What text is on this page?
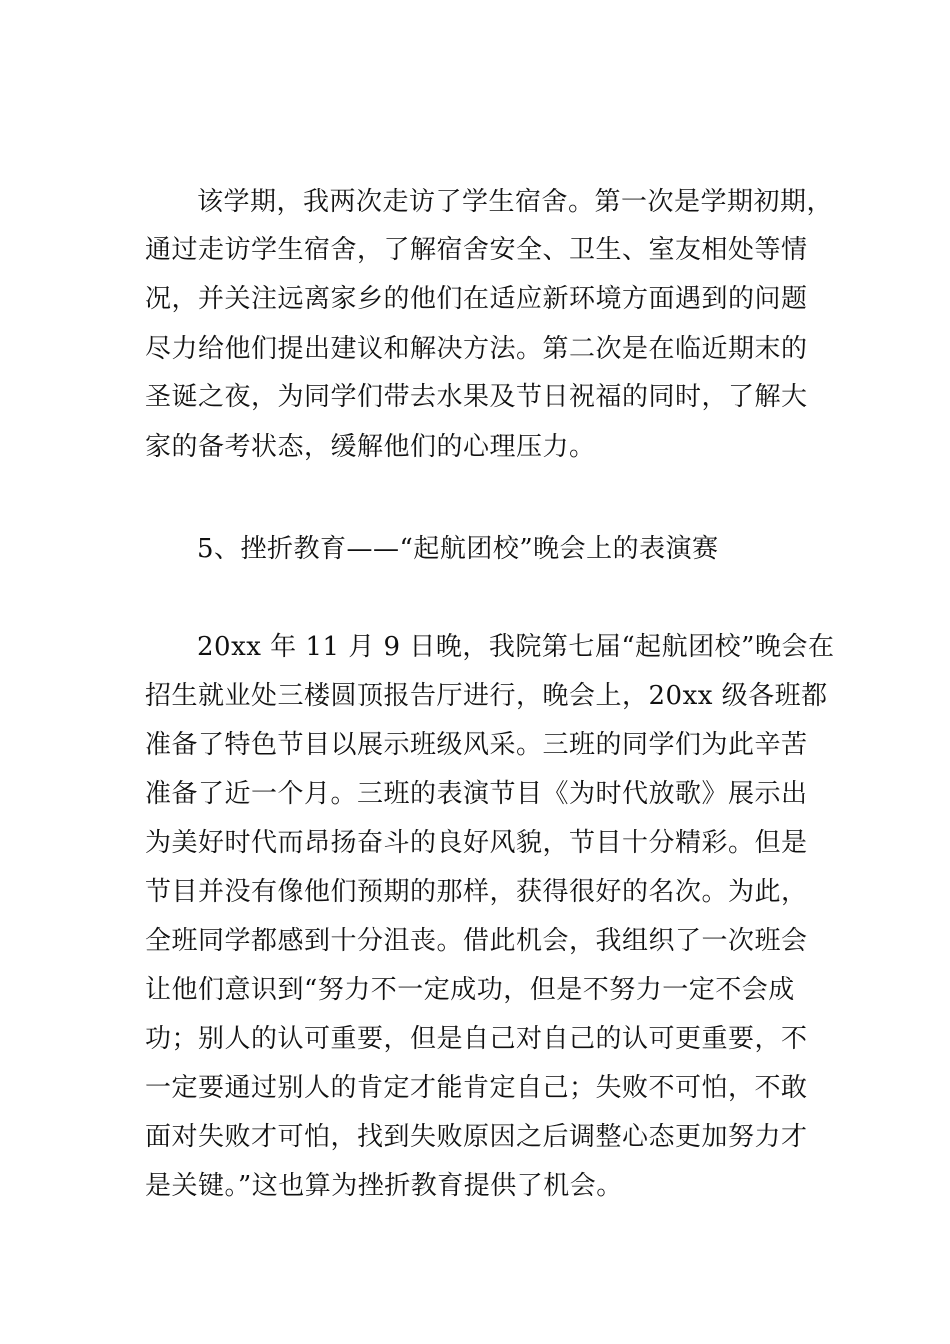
该学期，我两次走访了学生宿舍。第一次是学期初期，
通过走访学生宿舍，了解宿舍安全、卫生、室友相处等情
况，并关注远离家乡的他们在适应新环境方面遇到的问题
尽力给他们提出建议和解决方法。第二次是在临近期末的
圣诞之夜，为同学们带去水果及节日祝福的同时，了解大
家的备考状态，缓解他们的心理压力。
5、挫折教育——“起航团校”晚会上的表演赛
20xx 年 11 月 9 日晚，我院第七届“起航团校”晚会在
招生就业处三楼圆顶报告厅进行，晚会上，20xx 级各班都
准备了特色节目以展示班级风采。三班的同学们为此辛苦
准备了近一个月。三班的表演节目《为时代放歌》展示出
为美好时代而昂扬奋斗的良好风貌，节目十分精彩。但是
节目并没有像他们预期的那样，获得很好的名次。为此，
全班同学都感到十分沮丧。借此机会，我组织了一次班会
让他们意识到“努力不一定成功，但是不努力一定不会成
功；别人的认可重要，但是自己对自己的认可更重要，不
一定要通过别人的肯定才能肯定自己；失败不可怕，不敢
面对失败才可怕，找到失败原因之后调整心态更加努力才
是关键。”这也算为挫折教育提供了机会。
